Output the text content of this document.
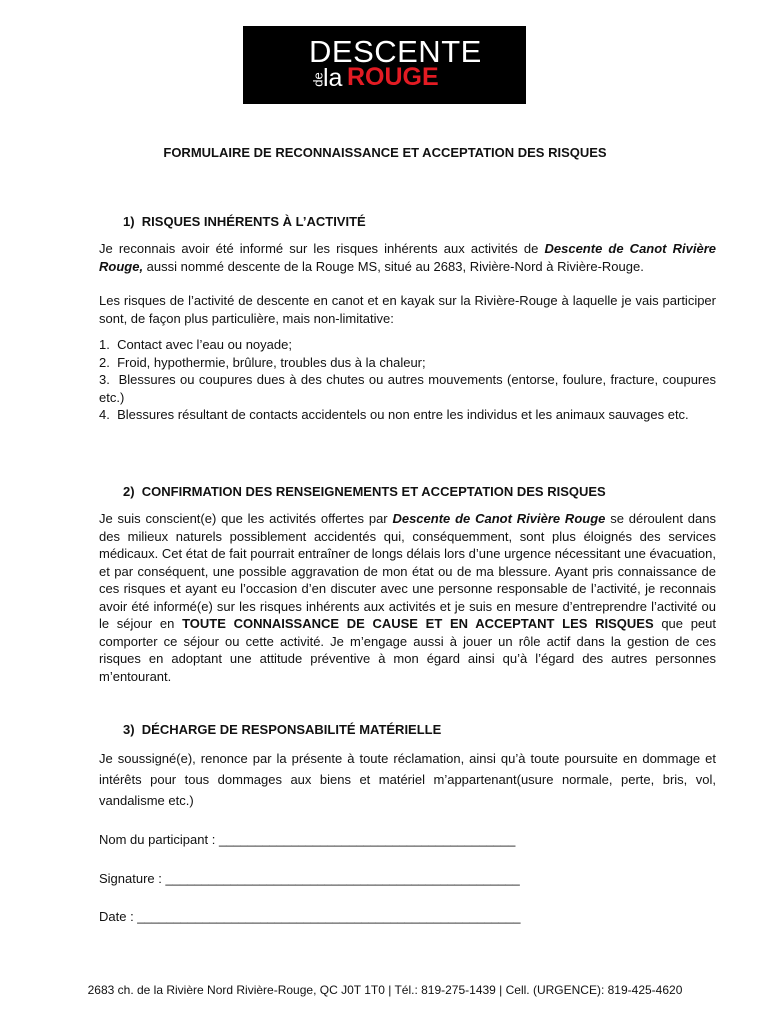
DESCENTE
de
la ROUGE
FORMULAIRE DE RECONNAISSANCE ET ACCEPTATION DES RISQUES
1)  RISQUES INHÉRENTS À L’ACTIVITÉ

Je reconnais avoir été informé sur les risques inhérents aux activités de Descente de Canot Rivière Rouge, aussi nommé descente de la Rouge MS, situé au 2683, Rivière-Nord à Rivière-Rouge.

Les risques de l’activité de descente en canot et en kayak sur la Rivière-Rouge à laquelle je vais participer sont, de façon plus particulière, mais non-limitative:

1.  Contact avec l’eau ou noyade;
2.  Froid, hypothermie, brûlure, troubles dus à la chaleur;
3.  Blessures ou coupures dues à des chutes ou autres mouvements (entorse, foulure, fracture, coupures etc.)
4.  Blessures résultant de contacts accidentels ou non entre les individus et les animaux sauvages etc.
2)  CONFIRMATION DES RENSEIGNEMENTS ET ACCEPTATION DES RISQUES

Je suis conscient(e) que les activités offertes par Descente de Canot Rivière Rouge se déroulent dans des milieux naturels possiblement accidentés qui, conséquemment, sont plus éloignés des services médicaux. Cet état de fait pourrait entraîner de longs délais lors d’une urgence nécessitant une évacuation, et par conséquent, une possible aggravation de mon état ou de ma blessure. Ayant pris connaissance de ces risques et ayant eu l’occasion d’en discuter avec une personne responsable de l’activité, je reconnais avoir été informé(e) sur les risques inhérents aux activités et je suis en mesure d’entreprendre l’activité ou le séjour en TOUTE CONNAISSANCE DE CAUSE ET EN ACCEPTANT LES RISQUES que peut comporter ce séjour ou cette activité. Je m’engage aussi à jouer un rôle actif dans la gestion de ces risques en adoptant une attitude préventive à mon égard ainsi qu’à l’égard des autres personnes m’entourant.

3)  DÉCHARGE DE RESPONSABILITÉ MATÉRIELLE

Je soussigné(e), renonce par la présente à toute réclamation, ainsi qu’à toute poursuite en dommage et intérêts pour tous dommages aux biens et matériel m’appartenant(usure normale, perte, bris, vol, vandalisme etc.)

Nom du participant : _________________________________________
Signature : _________________________________________________
Date : _____________________________________________________
2683 ch. de la Rivière Nord Rivière-Rouge, QC J0T 1T0 | Tél.: 819-275-1439 | Cell. (URGENCE): 819-425-4620
